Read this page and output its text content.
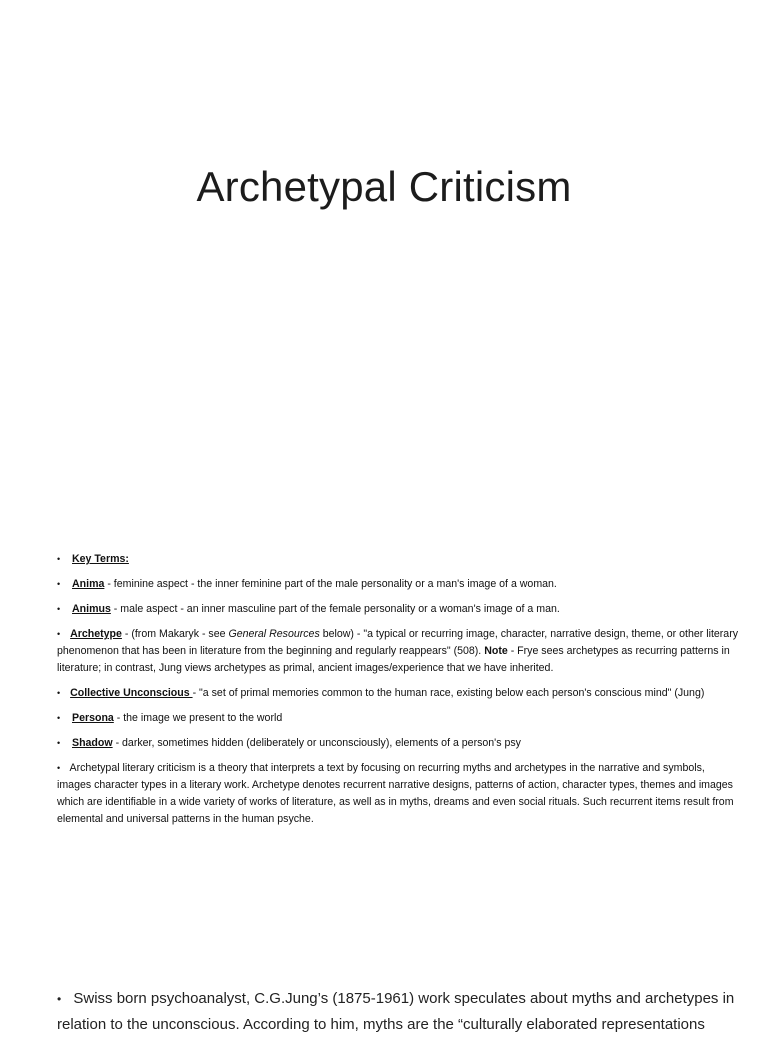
Archetypal Criticism
• Key Terms:
• Anima - feminine aspect - the inner feminine part of the male personality or a man's image of a woman.
• Animus - male aspect - an inner masculine part of the female personality or a woman's image of a man.
• Archetype - (from Makaryk - see General Resources below) - "a typical or recurring image, character, narrative design, theme, or other literary phenomenon that has been in literature from the beginning and regularly reappears" (508). Note - Frye sees archetypes as recurring patterns in literature; in contrast, Jung views archetypes as primal, ancient images/experience that we have inherited.
• Collective Unconscious - "a set of primal memories common to the human race, existing below each person's conscious mind" (Jung)
• Persona - the image we present to the world
• Shadow - darker, sometimes hidden (deliberately or unconsciously), elements of a person's psy
• Archetypal literary criticism is a theory that interprets a text by focusing on recurring myths and archetypes in the narrative and symbols, images character types in a literary work. Archetype denotes recurrent narrative designs, patterns of action, character types, themes and images which are identifiable in a wide variety of works of literature, as well as in myths, dreams and even social rituals. Such recurrent items result from elemental and universal patterns in the human psyche.
• Swiss born psychoanalyst, C.G.Jung’s (1875-1961) work speculates about myths and archetypes in relation to the unconscious. According to him, myths are the “culturally elaborated representations
